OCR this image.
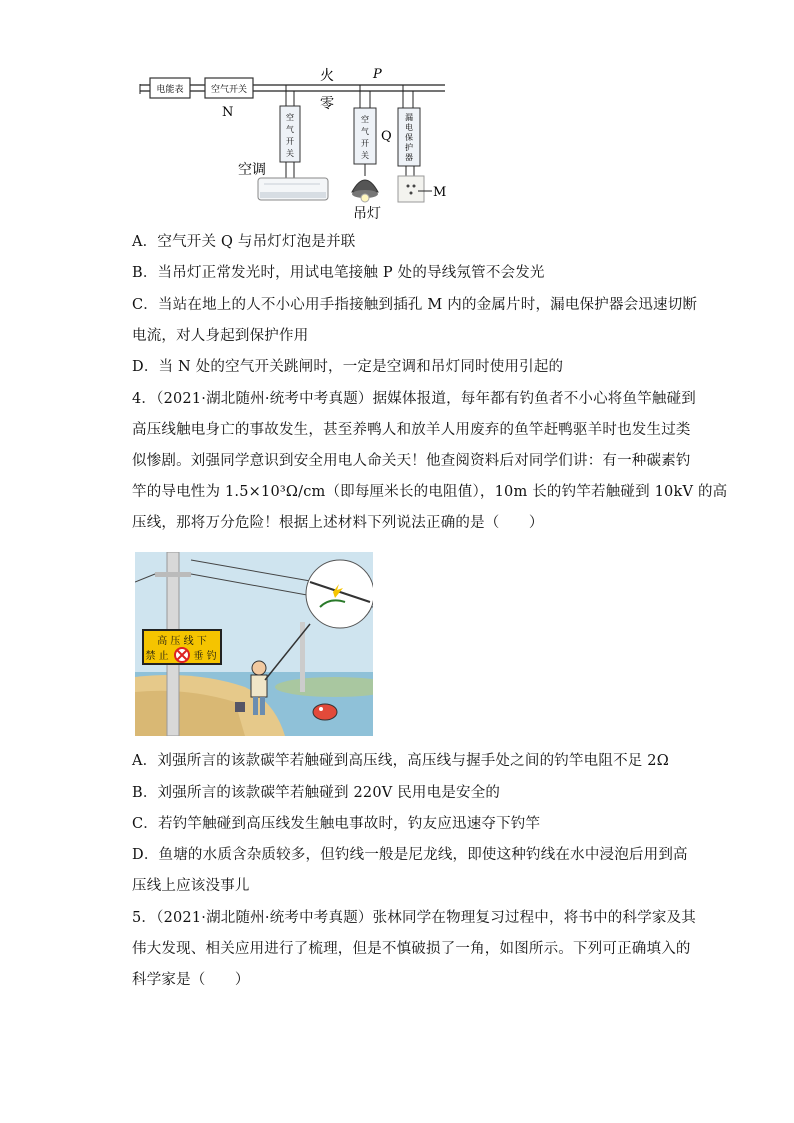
电能表	空气开关
N
火
零
P
空
气
开
关
空调
空
气
开
关
Q
吊灯
漏
电
保
护
器
M
A．空气开关 Q 与吊灯灯泡是并联
B．当吊灯正常发光时，用试电笔接触 P 处的导线氖管不会发光
C．当站在地上的人不小心用手指接触到插孔 M 内的金属片时，漏电保护器会迅速切断
电流，对人身起到保护作用
D．当 N 处的空气开关跳闸时，一定是空调和吊灯同时使用引起的
4．（2021·湖北随州·统考中考真题）据媒体报道，每年都有钓鱼者不小心将鱼竿触碰到
高压线触电身亡的事故发生，甚至养鸭人和放羊人用废弃的鱼竿赶鸭驱羊时也发生过类
似惨剧。刘强同学意识到安全用电人命关天！他查阅资料后对同学们讲：有一种碳素钓
竿的导电性为 1.5×10³Ω/cm（即每厘米长的电阻值），10m 长的钓竿若触碰到 10kV 的高
压线，那将万分危险！根据上述材料下列说法正确的是（　　）
高 压 线 下
禁 止 垂 钓
A．刘强所言的该款碳竿若触碰到高压线，高压线与握手处之间的钓竿电阻不足 2Ω
B．刘强所言的该款碳竿若触碰到 220V 民用电是安全的
C．若钓竿触碰到高压线发生触电事故时，钓友应迅速夺下钓竿
D．鱼塘的水质含杂质较多，但钓线一般是尼龙线，即使这种钓线在水中浸泡后用到高
压线上应该没事儿
5．（2021·湖北随州·统考中考真题）张林同学在物理复习过程中，将书中的科学家及其
伟大发现、相关应用进行了梳理，但是不慎破损了一角，如图所示。下列可正确填入的
科学家是（　　）
